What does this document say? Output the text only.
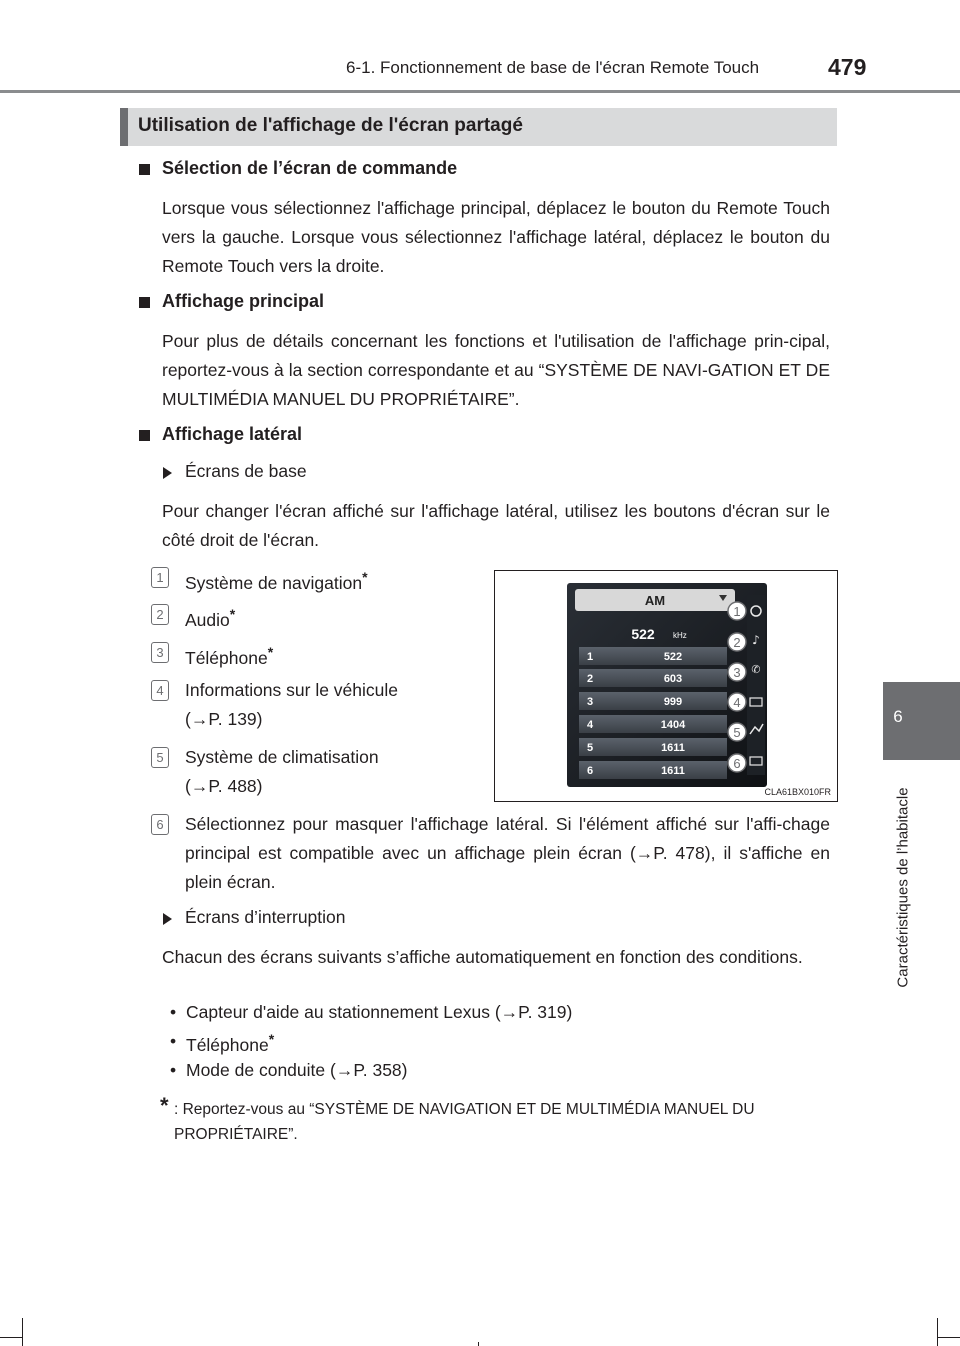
6-1. Fonctionnement de base de l'écran Remote Touch	479
6
Caractéristiques de l’habitacle
Utilisation de l'affichage de l'écran partagé
Sélection de l’écran de commande
Lorsque vous sélectionnez l'affichage principal, déplacez le bouton du Remote Touch vers la gauche. Lorsque vous sélectionnez l'affichage latéral, déplacez le bouton du Remote Touch vers la droite.
Affichage principal
Pour plus de détails concernant les fonctions et l'utilisation de l'affichage prin-cipal, reportez-vous à la section correspondante et au “SYSTÈME DE NAVI-GATION ET DE MULTIMÉDIA MANUEL DU PROPRIÉTAIRE”.
Affichage latéral
Écrans de base
Pour changer l'écran affiché sur l'affichage latéral, utilisez les boutons d'écran sur le côté droit de l'écran.
1	Système de navigation*
2	Audio*
3	Téléphone*
4	Informations sur le véhicule
(→P. 139)
5	Système de climatisation
(→P. 488)
6	Sélectionnez pour masquer l'affichage latéral. Si l'élément affiché sur l'affi-chage principal est compatible avec un affichage plein écran (→P. 478), il s'affiche en plein écran.
Écrans d’interruption
Chacun des écrans suivants s’affiche automatiquement en fonction des conditions.
• Capteur d'aide au stationnement Lexus (→P. 319)
• Téléphone*
• Mode de conduite (→P. 358)
* : Reportez-vous au “SYSTÈME DE NAVIGATION ET DE MULTIMÉDIA MANUEL DU PROPRIÉTAIRE”.
AM
522 kHz
1	522
2	603
3	999
4	1404
5	1611
6	1611
♪
✆
1
2
3
4
5
6
CLA61BX010FR
